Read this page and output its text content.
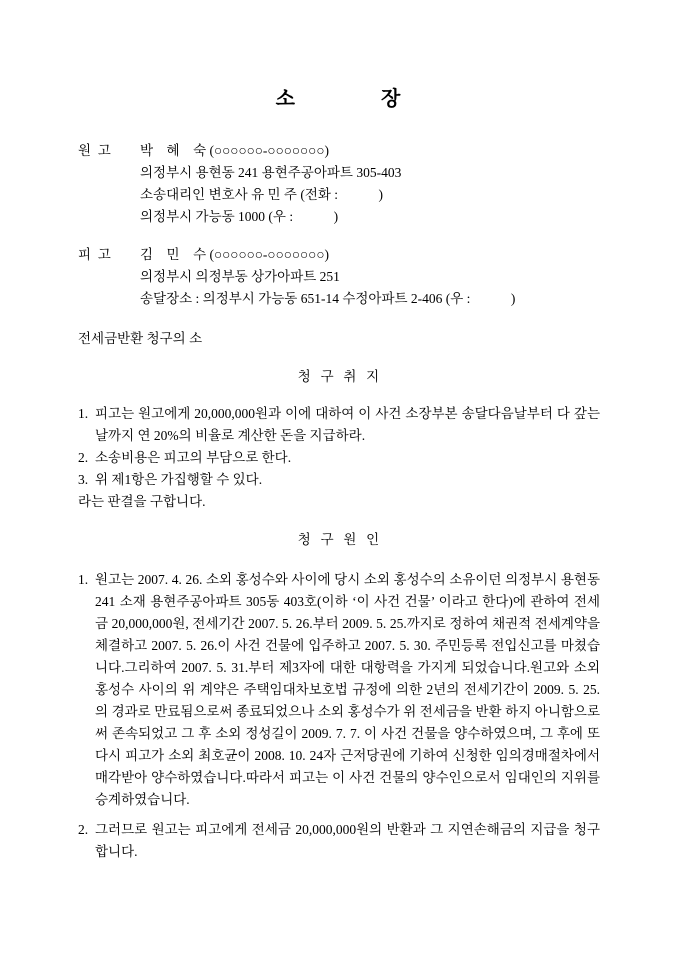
소            장
원  고	박    혜    숙 (○○○○○○-○○○○○○○)
의정부시 용현동 241 용현주공아파트 305-403
소송대리인 변호사 유 민 주 (전화 :            )
의정부시 가능동 1000 (우 :            )
피  고	김    민    수 (○○○○○○-○○○○○○○)
의정부시 의정부동 상가아파트 251
송달장소 : 의정부시 가능동 651-14 수정아파트 2-406 (우 :            )
전세금반환 청구의 소
청  구  취  지
1. 피고는 원고에게 20,000,000원과 이에 대하여 이 사건 소장부본 송달다음날부터 다 갚는 날까지 연 20%의 비율로 계산한 돈을 지급하라.
2. 소송비용은 피고의 부담으로 한다.
3. 위 제1항은 가집행할 수 있다.
라는 판결을 구합니다.
청  구  원  인
1. 원고는 2007. 4. 26. 소외 홍성수와 사이에 당시 소외 홍성수의 소유이던 의정부시 용현동 241 소재 용현주공아파트 305동 403호(이하 ‘이 사건 건물’ 이라고 한다)에 관하여 전세금 20,000,000원, 전세기간 2007. 5. 26.부터 2009. 5. 25.까지로 정하여 채권적 전세계약을 체결하고 2007. 5. 26.이 사건 건물에 입주하고 2007. 5. 30. 주민등록 전입신고를 마쳤습니다.그리하여 2007. 5. 31.부터 제3자에 대한 대항력을 가지게 되었습니다.원고와 소외 홍성수 사이의 위 계약은 주택임대차보호법 규정에 의한 2년의 전세기간이 2009. 5. 25.의 경과로 만료됨으로써 종료되었으나 소외 홍성수가 위 전세금을 반환 하지 아니함으로써 존속되었고 그 후 소외 정성길이 2009. 7. 7. 이 사건 건물을 양수하였으며, 그 후에 또다시 피고가 소외 최호균이 2008. 10. 24자 근저당권에 기하여 신청한 임의경매절차에서 매각받아 양수하였습니다.따라서 피고는 이 사건 건물의 양수인으로서 임대인의 지위를 승계하였습니다.
2. 그러므로 원고는 피고에게 전세금 20,000,000원의 반환과 그 지연손해금의 지급을 청구합니다.
